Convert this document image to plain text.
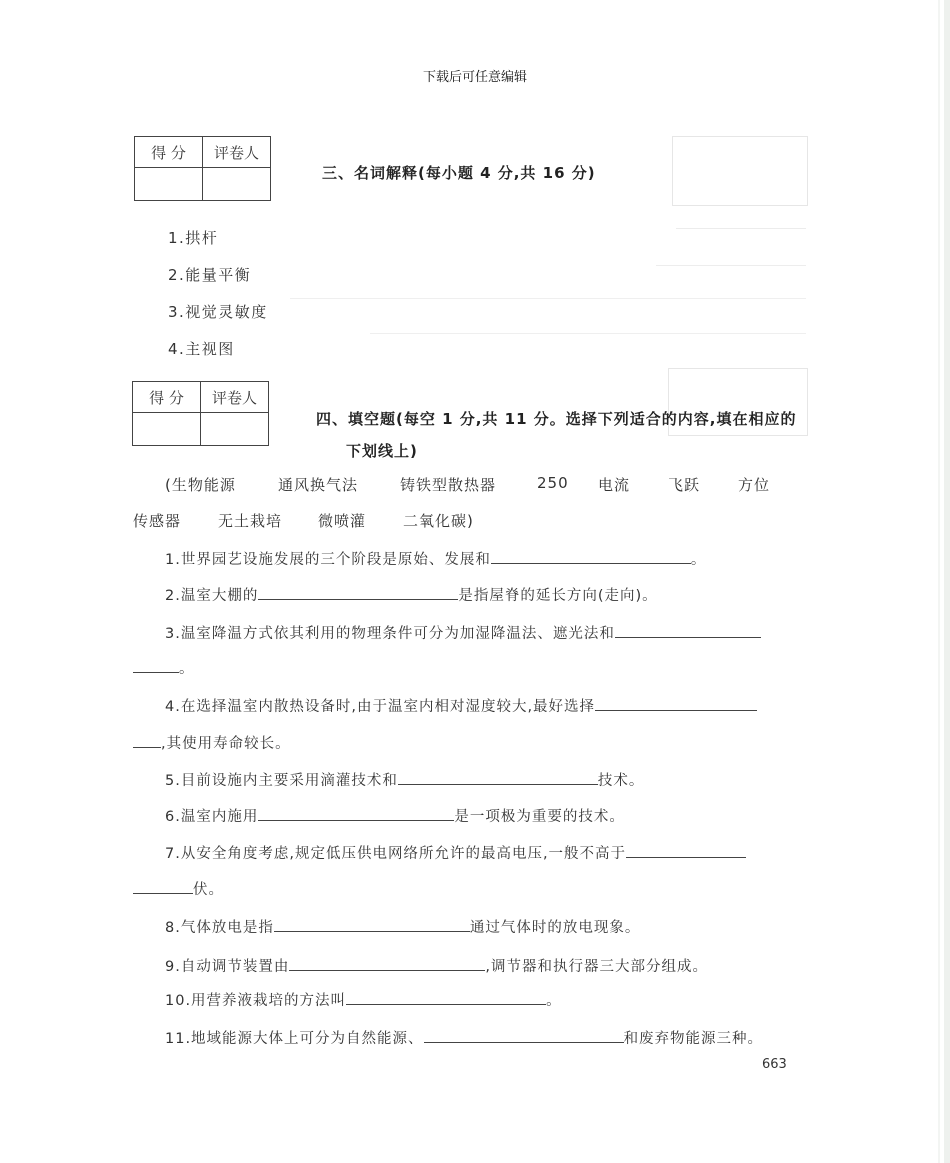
下载后可任意编辑
得 分	评卷人

三、名词解释(每小题 4 分,共 16 分)
1.拱杆
2.能量平衡
3.视觉灵敏度
4.主视图
得 分	评卷人

四、填空题(每空 1 分,共 11 分。选择下列适合的内容,填在相应的
下划线上)
(生物能源	通风换气法	铸铁型散热器	250 电流	飞跃	方位
传感器 无土栽培 微喷灌 二氧化碳)
1.世界园艺设施发展的三个阶段是原始、发展和	。
2.温室大棚的	是指屋脊的延长方向(走向)。
3.温室降温方式依其利用的物理条件可分为加湿降温法、遮光法和
。
4.在选择温室内散热设备时,由于温室内相对湿度较大,最好选择
,其使用寿命较长。
5.目前设施内主要采用滴灌技术和	技术。
6.温室内施用	是一项极为重要的技术。
7.从安全角度考虑,规定低压供电网络所允许的最高电压,一般不高于
伏。
8.气体放电是指	通过气体时的放电现象。
9.自动调节装置由	,调节器和执行器三大部分组成。
10.用营养液栽培的方法叫	。
11.地域能源大体上可分为自然能源、	和废弃物能源三种。
663
